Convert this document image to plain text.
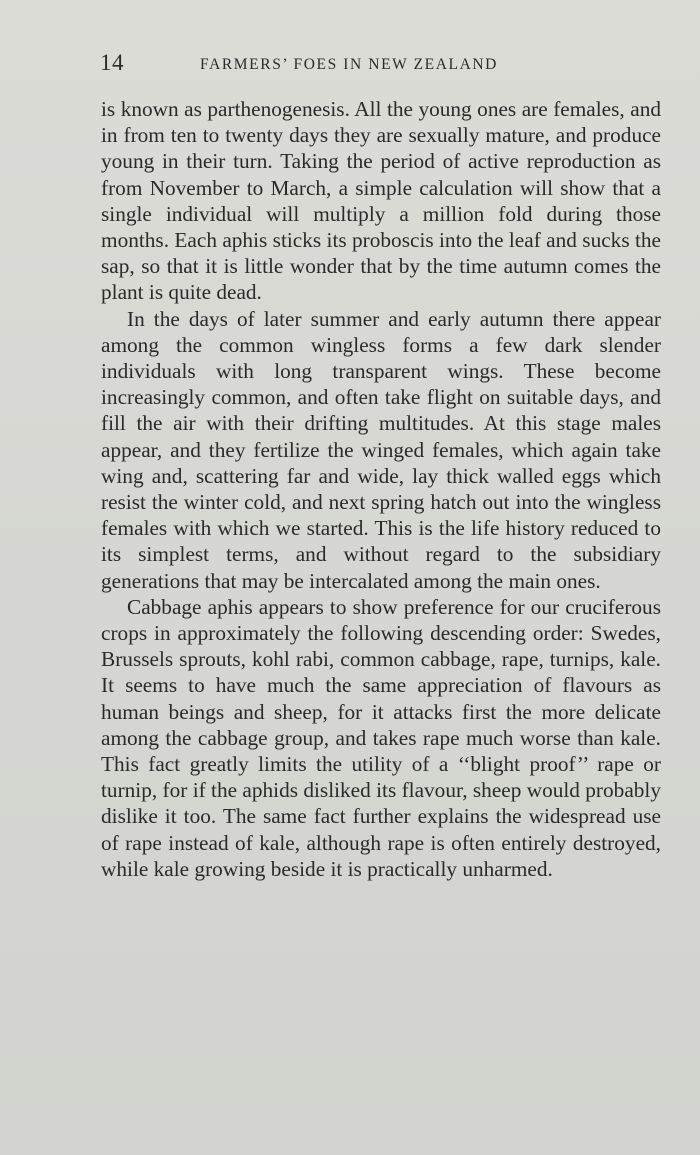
14	FARMERS’ FOES IN NEW ZEALAND

is known as parthenogenesis. All the young ones are females, and in from ten to twenty days they are sexually mature, and produce young in their turn. Taking the period of active reproduction as from November to March, a simple calculation will show that a single individual will multiply a million fold during those months. Each aphis sticks its proboscis into the leaf and sucks the sap, so that it is little wonder that by the time autumn comes the plant is quite dead.

In the days of later summer and early autumn there appear among the common wingless forms a few dark slender individuals with long transparent wings. These become increasingly common, and often take flight on suitable days, and fill the air with their drifting multitudes. At this stage males appear, and they fertilize the winged females, which again take wing and, scattering far and wide, lay thick walled eggs which resist the winter cold, and next spring hatch out into the wingless females with which we started. This is the life history reduced to its simplest terms, and without regard to the subsidiary generations that may be intercalated among the main ones.

Cabbage aphis appears to show preference for our cruciferous crops in approximately the following descending order: Swedes, Brussels sprouts, kohl rabi, common cabbage, rape, turnips, kale. It seems to have much the same appreciation of flavours as human beings and sheep, for it attacks first the more delicate among the cabbage group, and takes rape much worse than kale. This fact greatly limits the utility of a ‘‘blight proof’’ rape or turnip, for if the aphids disliked its flavour, sheep would probably dislike it too. The same fact further explains the widespread use of rape instead of kale, although rape is often entirely destroyed, while kale growing beside it is practically unharmed.
